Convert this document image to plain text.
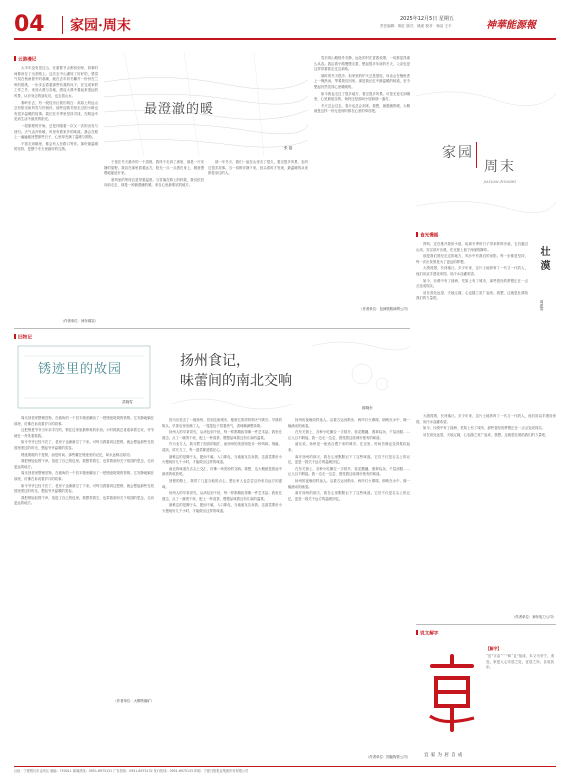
04 家园·周末	2025年12月5日 星期五
责任编辑：陈红 版式：姚姜 校对：杨洁 王丰	神華能源報
云游漫记

大半年没有见过山，在重要节点都回到家，同事时间都用在了出差路上。这次去中山湖转了好好的，感觉气氛在秋雨曾中的寒潮，就在去年初冬翻开一份份在兰州的报纸，一步步去看看那些有我的孩子，在完成家的工作之外，来到大漠与各地，感叹大漠中看起来很远的风景，认识身边的朋友们，也去看山水。

秦岭东去，有一段经历让我们明白：高原上的远山总有阳光和风雪与你相伴，那些迎着冬阳走过的小路也有很多温暖的故事。我们在冬季里坚持寻找，在路途中见到生活中最美的阳光。

一段旅程的开始，总是伴随着一次又一次的出发与回归。天气由冷转暖，风里有着家乡的味道。我会在路上一遍遍地回想那些日子，心里却充满了温暖与期待。

不管走到哪里，都会有人在路口等你。那份最温暖的坚持，是整个冬天里最好的礼物。

（作者单位：神东煤炭）
最澄澈的暖
张 磊

于是在冬天最冷的一个清晨，我终于走到了那里，那是一片安静的原野。我站在那里看着远方，阳光一点一点洒在身上，暖意慢慢地蔓延开来。

寒风里的等待总是带着温度。当雪落在路上的时候，我们依旧向前走去，那是一种最澄澈的暖，来自心里最柔软的地方。

那一年冬天，我们一起在山里走了很久，看过很多风景，也听过很多故事。当一切都安静下来，回头看时才发现，最温暖的从来都是身边的人。

雪后的山路格外安静，远处的村庄冒着炊烟，一切都显得那么从容。我沿着小路慢慢走着，想起很多年前的冬天，父亲也是这样带着我走过这条路。

那时的冬天很冷，但家里的炉火总是很旺。母亲会在锅里煮上一锅热汤，等着我们回家。那是我记忆中最温暖的味道，至今想起仍然觉得心里暖暖的。

如今我也走过了很多地方，看过很多风景。可是无论走到哪里，心里最惦念的，始终还是那间小屋和那一盏灯。

冬天总会过去，春天也总会到来。我想，最澄澈的暖，大概就是这样一份无论何时都在心里的牵挂吧。

（作者单位：包神铁路神朔公司）
家园
周末
JIAYUAN ZHOUMO
食光慢摇
壮漠
周建英

朔风，还在推开我的小屋，给那冬季的日子带来阵阵冷意。它们越过山岗，穿过那片沙漠，在戈壁上留下深深的脚印。

那是我们曾经走过的地方，风沙中有我们的身影。每一步都是坚持，每一次出发都是为了更远的梦想。

大漠孤烟，长河落日。多少年来，这片土地养育了一代又一代的人，他们用双手建设家园，用汗水浇灌希望。

如今，沙漠中有了绿洲，荒原上有了城市，那些曾经的梦想正在一点点变成现实。

站在高处远望，天地辽阔，心也随之宽广起来。我想，这就是壮漠给我们的力量吧。

大漠孤烟，长河落日。多少年来，这片土地养育了一代又一代的人，他们用双手建设家园，用汗水浇灌希望。

如今，沙漠中有了绿洲，荒原上有了城市，那些曾经的梦想正在一点点变成现实。

站在高处远望，天地辽阔，心也随之宽广起来。我想，这就是壮漠给我们的力量吧。

（作者单位：神东电力公司）
旧物记
锈迹里的故园
武晓雪

周末回老家整理旧物，在墙角的一个旧木箱里翻出了一把锈迹斑斑的铁锁。它安静地躺在那里，仿佛在诉说着岁月的故事。

这把锁是爷爷当年亲手打的，锁住过家里最珍贵的东西。小时候我总喜欢拿着它玩，爷爷就在一旁笑着看我。

如今爷爷已经不在了，老房子也渐渐空了下来。可每当我看到这把锁，就会想起那些在故园里度过的时光，想起爷爷温暖的笑容。

锈迹斑斑的不是锁，而是时间。那些藏在锈迹里的记忆，却永远鲜活如初。

我把锁轻轻擦干净，放进了自己的包里。我想带着它，也带着那份关于故园的思念，走向更远的地方。

周末回老家整理旧物，在墙角的一个旧木箱里翻出了一把锈迹斑斑的铁锁。它安静地躺在那里，仿佛在诉说着岁月的故事。

如今爷爷已经不在了，老房子也渐渐空了下来。可每当我看到这把锁，就会想起那些在故园里度过的时光，想起爷爷温暖的笑容。

我把锁轻轻擦干净，放进了自己的包里。我想带着它，也带着那份关于故园的思念，走向更远的地方。

（作者单位：大柳塔煤矿）
扬州食记，
味蕾间的南北交响
薛晓东

因为出差去了一趟扬州，初到这座城市，便被它浓浓的烟火气吸引。早晨的街头，早茶店里坐满了人，一笼笼包子冒着热气，香味飘满整条街。

扬州人的早茶讲究，从汤包到干丝，每一样都精致得像一件艺术品。我坐在窗边，点了一碗烫干丝，配上一杯清茶，慢慢品味着这份江南的温柔。

作为北方人，我习惯了面食的粗犷，而扬州的美食则是另一种风味。细腻、清淡、讲究刀工，每一道菜都透着匠心。

最难忘的是狮子头，肥而不腻，入口即化。当地朋友告诉我，这道菜要用小火慢炖好几个小时，才能做出这样的味道。

南北的味道在舌尖上交汇，仿佛一场美妙的交响。我想，这大概就是旅途中最美的收获吧。

回程的路上，我带了几盒当地的点心，想让家人也尝尝这份来自远方的滋味。

扬州人的早茶讲究，从汤包到干丝，每一样都精致得像一件艺术品。我坐在窗边，点了一碗烫干丝，配上一杯清茶，慢慢品味着这份江南的温柔。

最难忘的是狮子头，肥而不腻，入口即化。当地朋友告诉我，这道菜要用小火慢炖好几个小时，才能做出这样的味道。

扬州的夜晚同样迷人。沿着古运河散步，两岸灯火璀璨，倒映在水中，像一幅流动的画卷。

在东关街上，各种小吃摊位一字排开，桂花糖藕、翡翠烧卖、千层油糕……让人目不暇接。我一边走一边尝，感受着这座城市独有的味道。

朋友说，扬州是一座适合慢下来的城市。在这里，时间仿佛也变得柔软起来。

离开扬州的那天，我在心里默默记下了这些味道。它们不仅是舌尖上的记忆，更是一段关于远方的温暖回忆。

在东关街上，各种小吃摊位一字排开，桂花糖藕、翡翠烧卖、千层油糕……让人目不暇接。我一边走一边尝，感受着这座城市独有的味道。

扬州的夜晚同样迷人。沿着古运河散步，两岸灯火璀璨，倒映在水中，像一幅流动的画卷。

离开扬州的那天，我在心里默默记下了这些味道。它们不仅是舌尖上的记忆，更是一段关于远方的温暖回忆。

（作者单位：国能物资公司）
说文解字
宜 家 为 居 自 成
【解字】
“宜”字由“宀”和“且”组成，本义为安宁、适宜。家是人心安放之处，宜居之所，自成其乐。
社址：宁夏银川市金凤区 邮编：750011 新闻热线：0951-6975131 广告热线：0951-6975132 发行热线：0951-6975133 印刷：宁夏日报报业集团印务有限公司
